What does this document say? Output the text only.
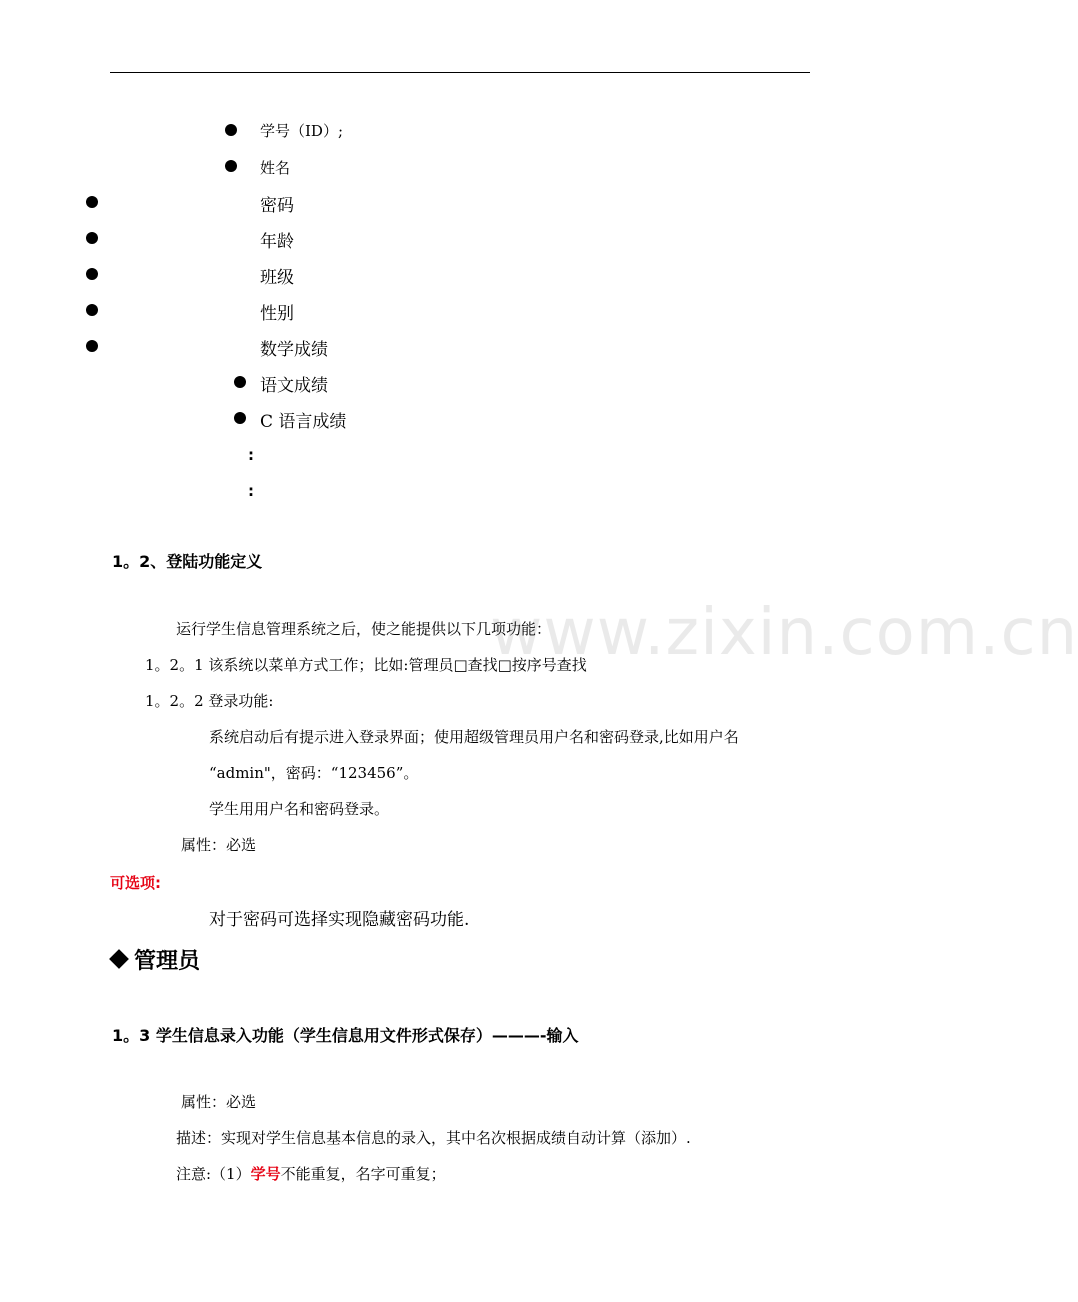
学号（ID）;
姓名
密码
年龄
班级
性别
数学成绩
语文成绩
C 语言成绩
:
:
1。2、登陆功能定义
www.zixin.com.cn
运行学生信息管理系统之后，使之能提供以下几项功能：
1。2。1 该系统以菜单方式工作；比如:管理员□查找□按序号查找
1。2。2 登录功能:
系统启动后有提示进入登录界面；使用超级管理员用户名和密码登录,比如用户名
“admin"，密码：“123456”。
学生用用户名和密码登录。
属性：必选
可选项:
对于密码可选择实现隐藏密码功能.
管理员
1。3 学生信息录入功能（学生信息用文件形式保存）———-输入
属性：必选
描述：实现对学生信息基本信息的录入，其中名次根据成绩自动计算（添加）.
注意:（1）学号不能重复，名字可重复；
